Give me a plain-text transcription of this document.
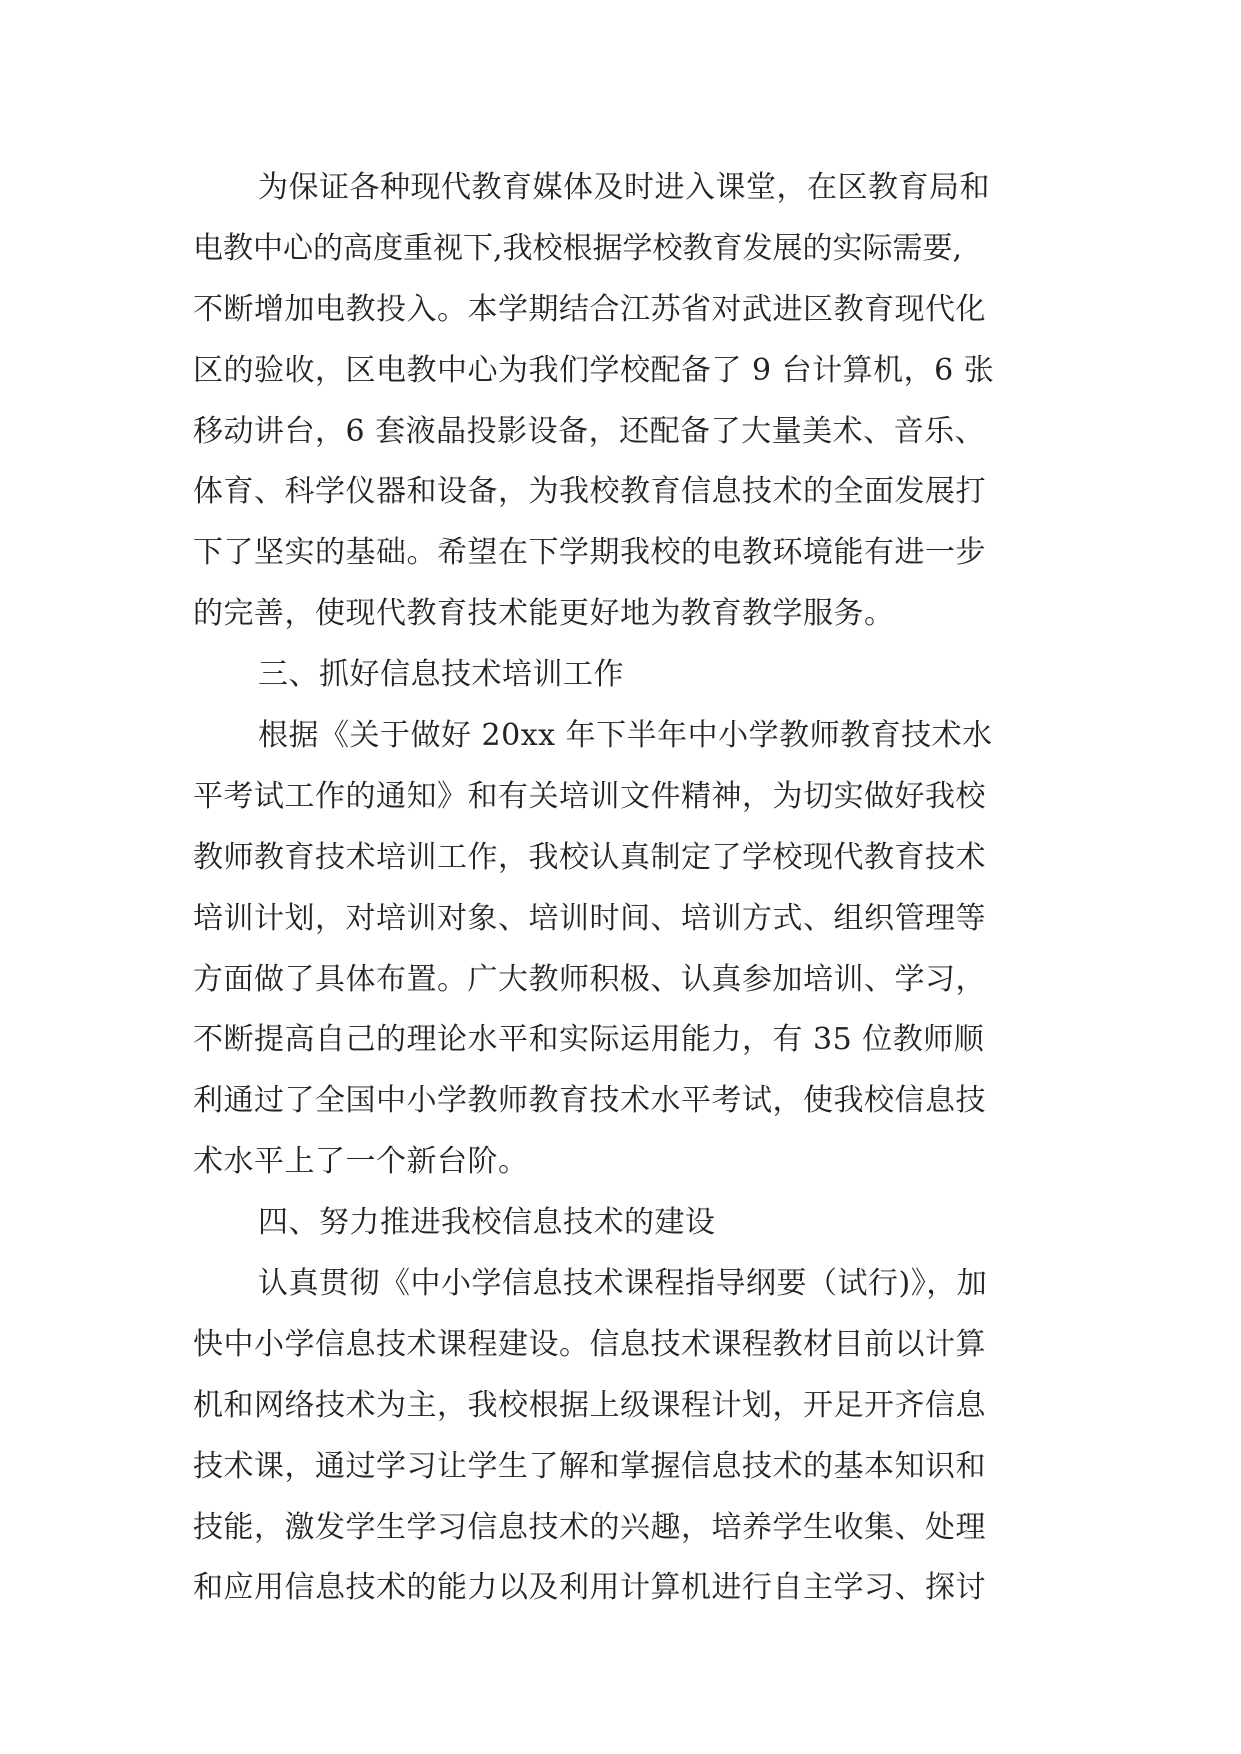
为保证各种现代教育媒体及时进入课堂，在区教育局和
电教中心的高度重视下,我校根据学校教育发展的实际需要,
不断增加电教投入。本学期结合江苏省对武进区教育现代化
区的验收，区电教中心为我们学校配备了 9 台计算机，6 张
移动讲台，6 套液晶投影设备，还配备了大量美术、音乐、
体育、科学仪器和设备，为我校教育信息技术的全面发展打
下了坚实的基础。希望在下学期我校的电教环境能有进一步
的完善，使现代教育技术能更好地为教育教学服务。
三、抓好信息技术培训工作
根据《关于做好 20xx 年下半年中小学教师教育技术水
平考试工作的通知》和有关培训文件精神，为切实做好我校
教师教育技术培训工作，我校认真制定了学校现代教育技术
培训计划，对培训对象、培训时间、培训方式、组织管理等
方面做了具体布置。广大教师积极、认真参加培训、学习，
不断提高自己的理论水平和实际运用能力，有 35 位教师顺
利通过了全国中小学教师教育技术水平考试，使我校信息技
术水平上了一个新台阶。
四、努力推进我校信息技术的建设
认真贯彻《中小学信息技术课程指导纲要（试行)》，加
快中小学信息技术课程建设。信息技术课程教材目前以计算
机和网络技术为主，我校根据上级课程计划，开足开齐信息
技术课，通过学习让学生了解和掌握信息技术的基本知识和
技能，激发学生学习信息技术的兴趣，培养学生收集、处理
和应用信息技术的能力以及利用计算机进行自主学习、探讨
